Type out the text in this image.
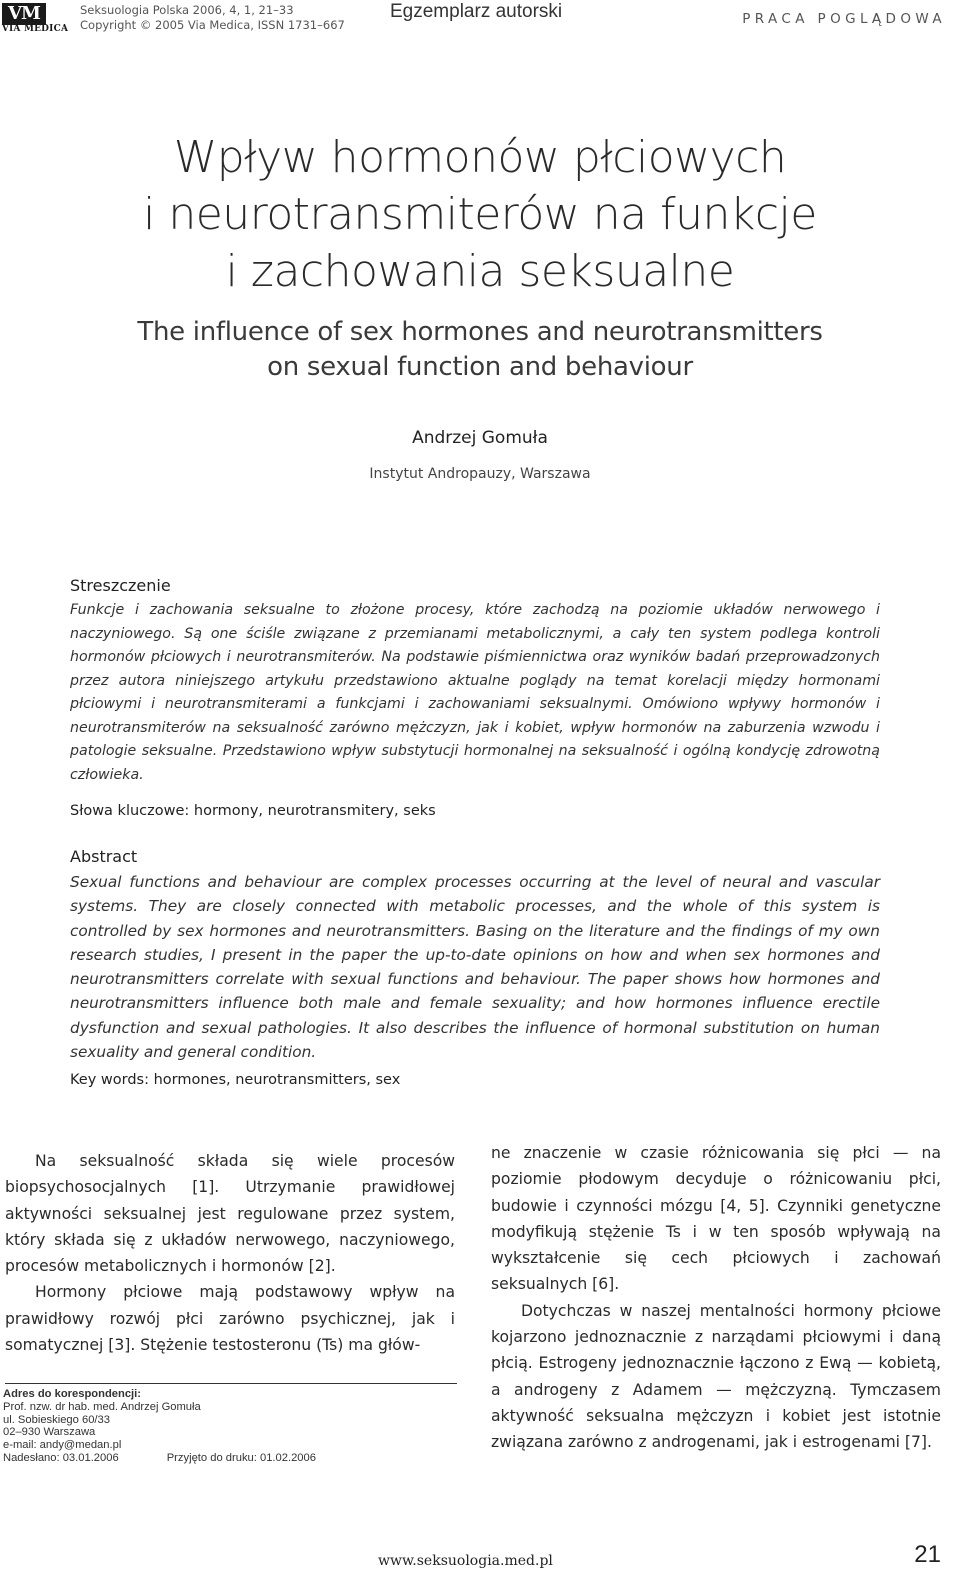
VM
VIA MEDICA
Seksuologia Polska 2006, 4, 1, 21–33
Copyright © 2005 Via Medica, ISSN 1731–667
Egzemplarz autorski	PRACA POGLĄDOWA
Wpływ hormonów płciowych
i neurotransmiterów na funkcje
i zachowania seksualne
The influence of sex hormones and neurotransmitters
on sexual function and behaviour
Andrzej Gomuła
Instytut Andropauzy, Warszawa
Streszczenie
Funkcje i zachowania seksualne to złożone procesy, które zachodzą na poziomie układów nerwowego i naczyniowego. Są one ściśle związane z przemianami metabolicznymi, a cały ten system podlega kontroli hormonów płciowych i neurotransmiterów. Na podstawie piśmiennictwa oraz wyników badań przeprowadzonych przez autora niniejszego artykułu przedstawiono aktualne poglądy na temat korelacji między hormonami płciowymi i neurotransmiterami a funkcjami i zachowaniami seksualnymi. Omówiono wpływy hormonów i neurotransmiterów na seksualność zarówno mężczyzn, jak i kobiet, wpływ hormonów na zaburzenia wzwodu i patologie seksualne. Przedstawiono wpływ substytucji hormonalnej na seksualność i ogólną kondycję zdrowotną człowieka.
Słowa kluczowe: hormony, neurotransmitery, seks
Abstract
Sexual functions and behaviour are complex processes occurring at the level of neural and vascular systems. They are closely connected with metabolic processes, and the whole of this system is controlled by sex hormones and neurotransmitters. Basing on the literature and the findings of my own research studies, I present in the paper the up-to-date opinions on how and when sex hormones and neurotransmitters correlate with sexual functions and behaviour. The paper shows how hormones and neurotransmitters influence both male and female sexuality; and how hormones influence erectile dysfunction and sexual pathologies. It also describes the influence of hormonal substitution on human sexuality and general condition.
Key words: hormones, neurotransmitters, sex

Na seksualność składa się wiele procesów biopsychosocjalnych [1]. Utrzymanie prawidłowej aktywności seksualnej jest regulowane przez system, który składa się z układów nerwowego, naczyniowego, procesów metabolicznych i hormonów [2].

Hormony płciowe mają podstawowy wpływ na prawidłowy rozwój płci zarówno psychicznej, jak i somatycznej [3]. Stężenie testosteronu (Ts) ma głów-

ne znaczenie w czasie różnicowania się płci — na poziomie płodowym decyduje o różnicowaniu płci, budowie i czynności mózgu [4, 5]. Czynniki genetyczne modyfikują stężenie Ts i w ten sposób wpływają na wykształcenie się cech płciowych i zachowań seksualnych [6].

Dotychczas w naszej mentalności hormony płciowe kojarzono jednoznacznie z narządami płciowymi i daną płcią. Estrogeny jednoznacznie łączono z Ewą — kobietą, a androgeny z Adamem — mężczyzną. Tymczasem aktywność seksualna mężczyzn i kobiet jest istotnie związana zarówno z androgenami, jak i estrogenami [7].

Adres do korespondencji:
Prof. nzw. dr hab. med. Andrzej Gomuła
ul. Sobieskiego 60/33
02–930 Warszawa
e-mail: andy@medan.pl
Nadesłano: 03.01.2006	Przyjęto do druku: 01.02.2006
www.seksuologia.med.pl	21
